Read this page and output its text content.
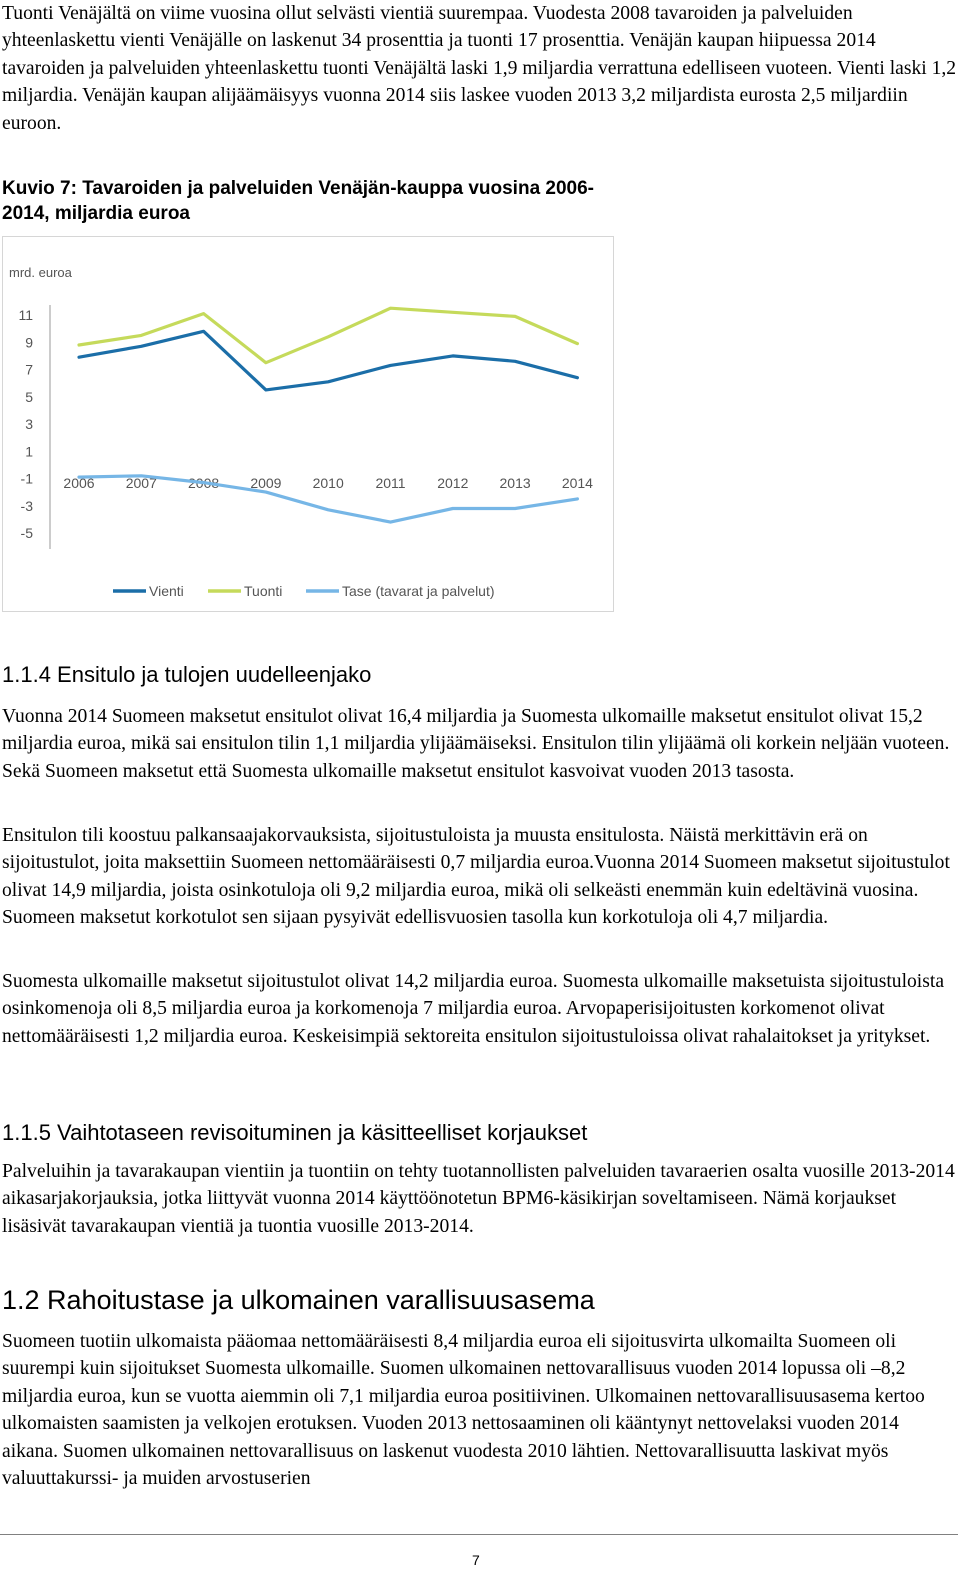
Tuonti Venäjältä on viime vuosina ollut selvästi vientiä suurempaa. Vuodesta 2008 tavaroiden ja palveluiden yhteenlaskettu vienti Venäjälle on laskenut 34 prosenttia ja tuonti 17 prosenttia. Venäjän kaupan hiipuessa 2014 tavaroiden ja palveluiden yhteenlaskettu tuonti Venäjältä laski 1,9 miljardia verrattuna edelliseen vuoteen. Vienti laski 1,2 miljardia. Venäjän kaupan alijäämäisyys vuonna 2014 siis laskee vuoden 2013 3,2 miljardista eurosta 2,5 miljardiin euroon.

Kuvio 7: Tavaroiden ja palveluiden Venäjän-kauppa vuosina 2006-2014, miljardia euroa
mrd. euroa
11
9
7
5
3
1
-1
-3
-5
2006 2007 2008 2009 2010 2011 2012 2013 2014
Vienti	Tuonti	Tase (tavarat ja palvelut)
1.1.4 Ensitulo ja tulojen uudelleenjako

Vuonna 2014 Suomeen maksetut ensitulot olivat 16,4 miljardia ja Suomesta ulkomaille maksetut ensitulot olivat 15,2 miljardia euroa, mikä sai ensitulon tilin 1,1 miljardia ylijäämäiseksi. Ensitulon tilin ylijäämä oli korkein neljään vuoteen. Sekä Suomeen maksetut että Suomesta ulkomaille maksetut ensitulot kasvoivat vuoden 2013 tasosta.

Ensitulon tili koostuu palkansaajakorvauksista, sijoitustuloista ja muusta ensitulosta. Näistä merkittävin erä on sijoitustulot, joita maksettiin Suomeen nettomääräisesti 0,7 miljardia euroa.Vuonna 2014 Suomeen maksetut sijoitustulot olivat 14,9 miljardia, joista osinkotuloja oli 9,2 miljardia euroa, mikä oli selkeästi enemmän kuin edeltävinä vuosina. Suomeen maksetut korkotulot sen sijaan pysyivät edellisvuosien tasolla kun korkotuloja oli 4,7 miljardia.

Suomesta ulkomaille maksetut sijoitustulot olivat 14,2 miljardia euroa. Suomesta ulkomaille maksetuista sijoitustuloista osinkomenoja oli 8,5 miljardia euroa ja korkomenoja 7 miljardia euroa. Arvopaperisijoitusten korkomenot olivat nettomääräisesti 1,2 miljardia euroa. Keskeisimpiä sektoreita ensitulon sijoitustuloissa olivat rahalaitokset ja yritykset.

1.1.5 Vaihtotaseen revisoituminen ja käsitteelliset korjaukset

Palveluihin ja tavarakaupan vientiin ja tuontiin on tehty tuotannollisten palveluiden tavaraerien osalta vuosille 2013-2014 aikasarjakorjauksia, jotka liittyvät vuonna 2014 käyttöönotetun BPM6-käsikirjan soveltamiseen. Nämä korjaukset lisäsivät tavarakaupan vientiä ja tuontia vuosille 2013-2014.

1.2 Rahoitustase ja ulkomainen varallisuusasema

Suomeen tuotiin ulkomaista pääomaa nettomääräisesti 8,4 miljardia euroa eli sijoitusvirta ulkomailta Suomeen oli suurempi kuin sijoitukset Suomesta ulkomaille. Suomen ulkomainen nettovarallisuus vuoden 2014 lopussa oli –8,2 miljardia euroa, kun se vuotta aiemmin oli 7,1 miljardia euroa positiivinen. Ulkomainen nettovarallisuusasema kertoo ulkomaisten saamisten ja velkojen erotuksen. Vuoden 2013 nettosaaminen oli kääntynyt nettovelaksi vuoden 2014 aikana. Suomen ulkomainen nettovarallisuus on laskenut vuodesta 2010 lähtien. Nettovarallisuutta laskivat myös valuuttakurssi- ja muiden arvostuserien

7
